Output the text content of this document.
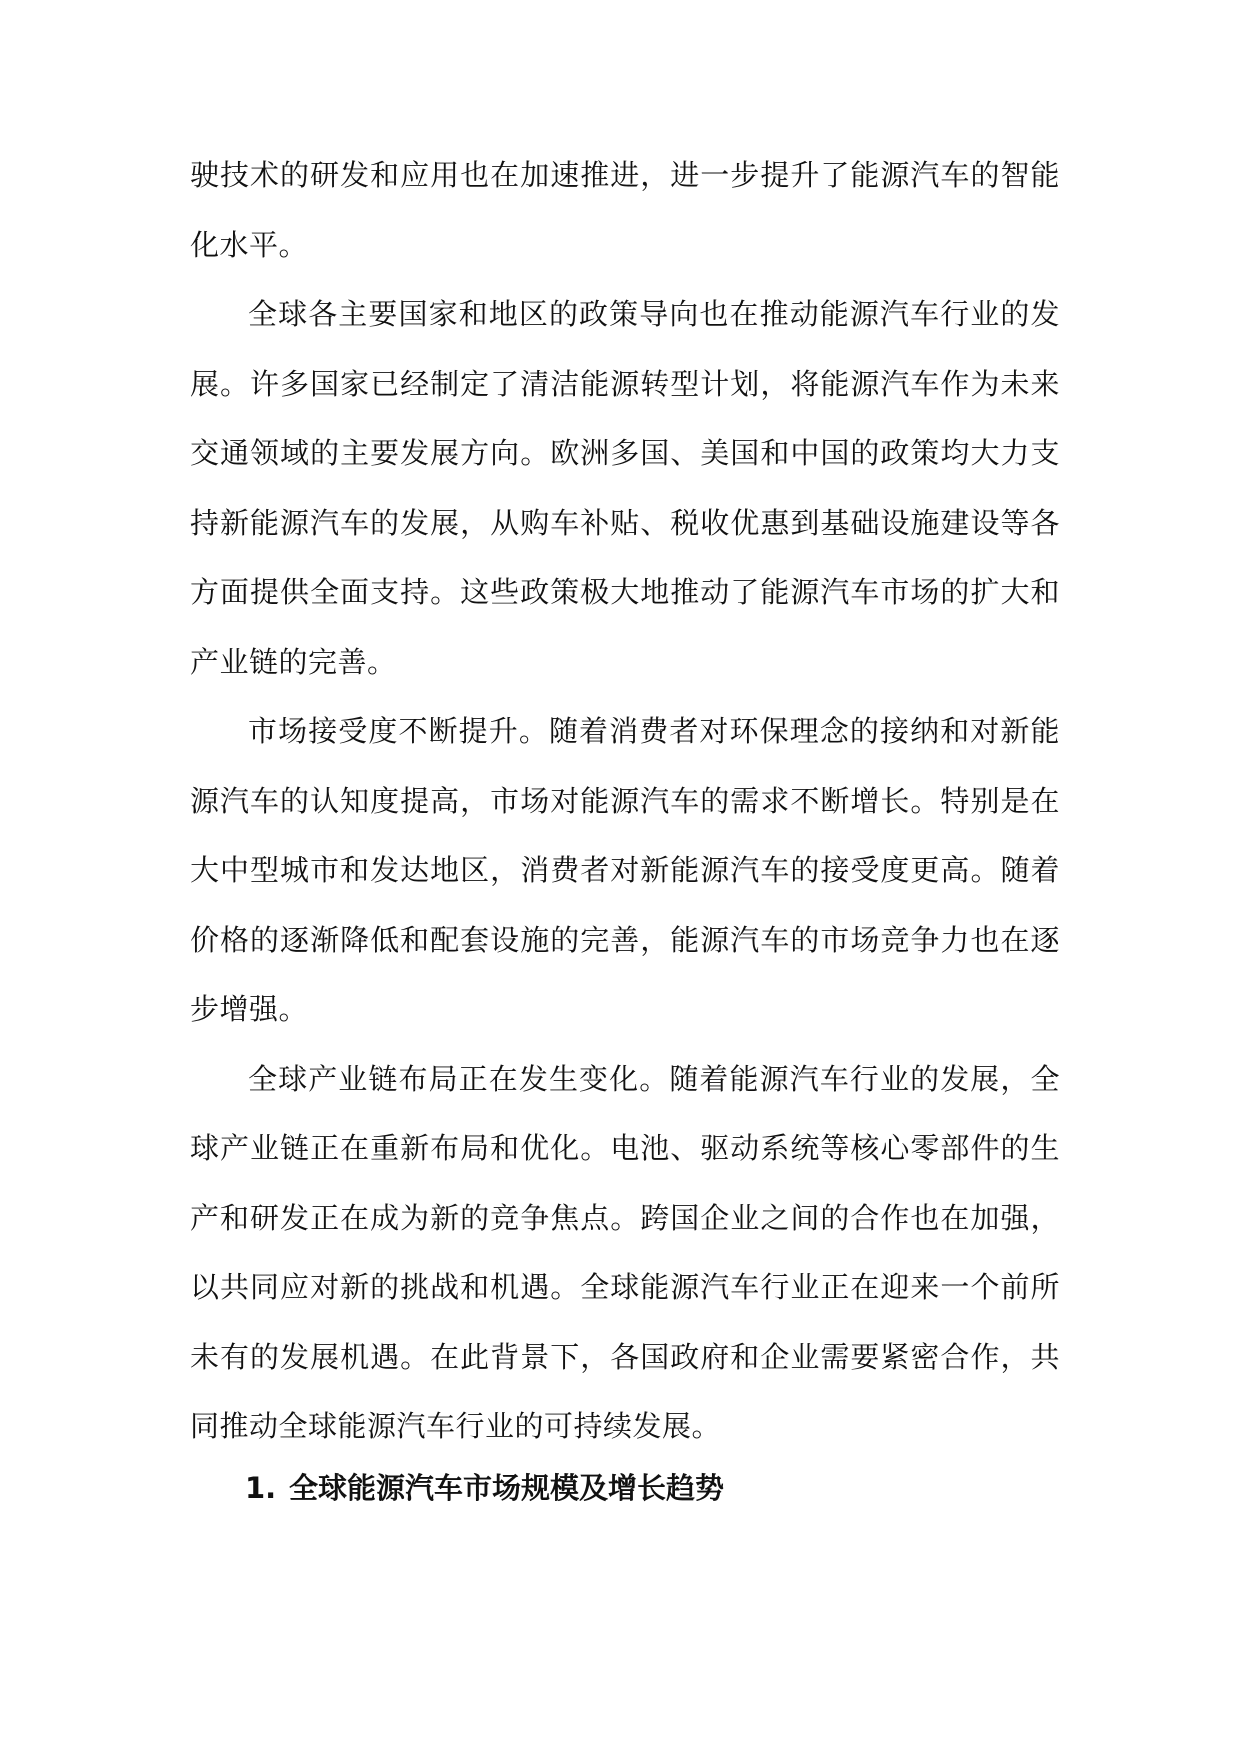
驶技术的研发和应用也在加速推进，进一步提升了能源汽车的智能化水平。

全球各主要国家和地区的政策导向也在推动能源汽车行业的发展。许多国家已经制定了清洁能源转型计划，将能源汽车作为未来交通领域的主要发展方向。欧洲多国、美国和中国的政策均大力支持新能源汽车的发展，从购车补贴、税收优惠到基础设施建设等各方面提供全面支持。这些政策极大地推动了能源汽车市场的扩大和产业链的完善。

市场接受度不断提升。随着消费者对环保理念的接纳和对新能源汽车的认知度提高，市场对能源汽车的需求不断增长。特别是在大中型城市和发达地区，消费者对新能源汽车的接受度更高。随着价格的逐渐降低和配套设施的完善，能源汽车的市场竞争力也在逐步增强。

全球产业链布局正在发生变化。随着能源汽车行业的发展，全球产业链正在重新布局和优化。电池、驱动系统等核心零部件的生产和研发正在成为新的竞争焦点。跨国企业之间的合作也在加强，以共同应对新的挑战和机遇。全球能源汽车行业正在迎来一个前所未有的发展机遇。在此背景下，各国政府和企业需要紧密合作，共同推动全球能源汽车行业的可持续发展。

1. 全球能源汽车市场规模及增长趋势
